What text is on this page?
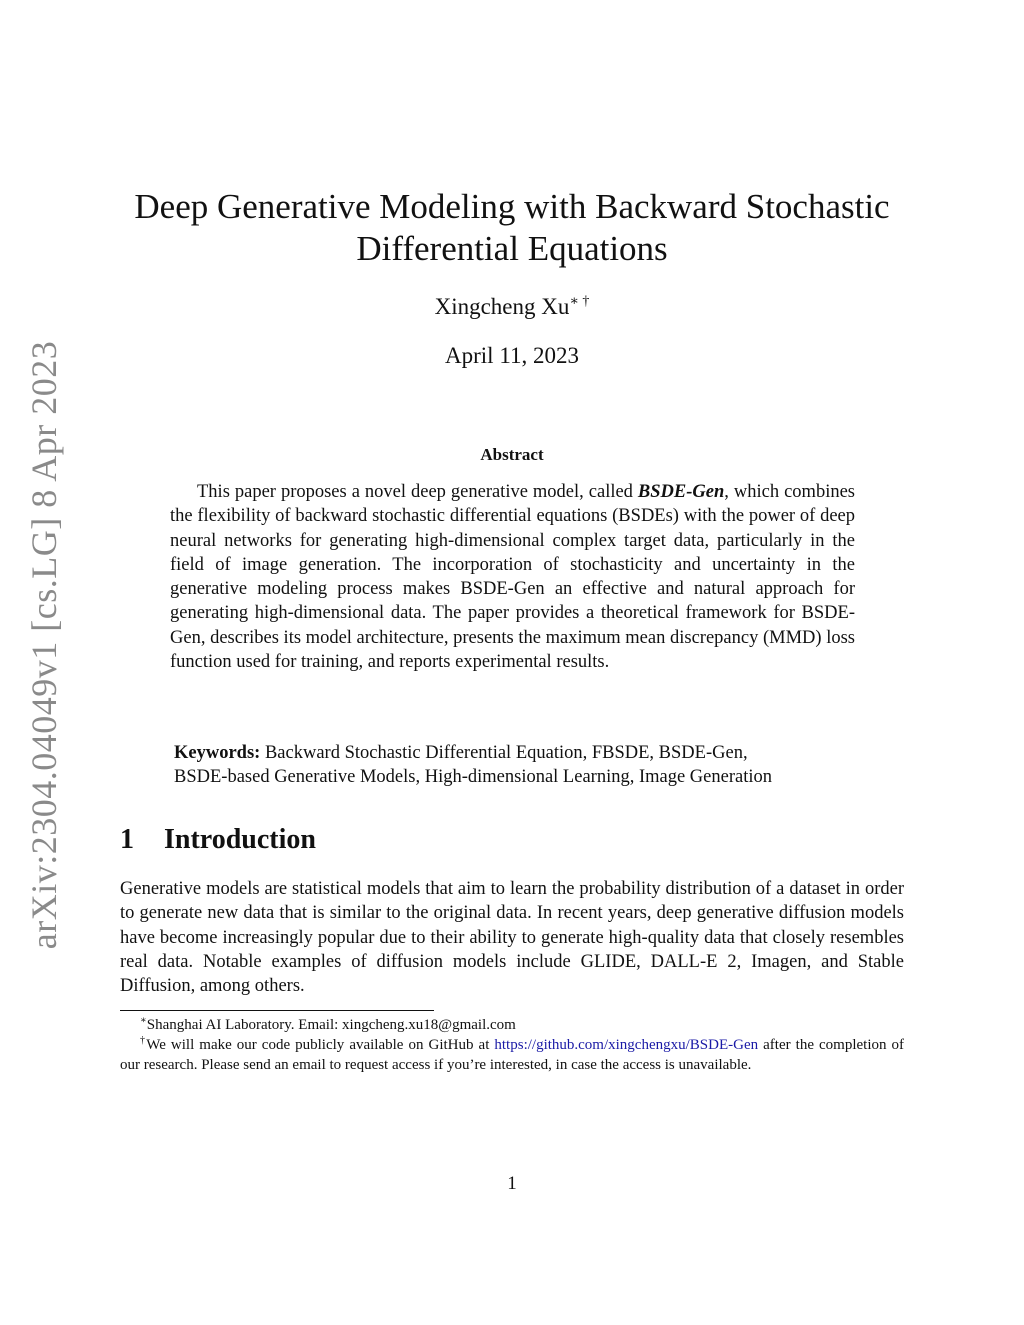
arXiv:2304.04049v1 [cs.LG] 8 Apr 2023
Deep Generative Modeling with Backward Stochastic
Differential Equations
Xingcheng Xu∗ †
April 11, 2023
Abstract

This paper proposes a novel deep generative model, called BSDE-Gen, which combines the flexibility of backward stochastic differential equations (BSDEs) with the power of deep neural networks for generating high-dimensional complex target data, particularly in the field of image generation. The incorporation of stochasticity and uncertainty in the generative modeling process makes BSDE-Gen an effective and natural approach for generating high-dimensional data. The paper provides a theoretical framework for BSDE-Gen, describes its model architecture, presents the maximum mean discrepancy (MMD) loss function used for training, and reports experimental results.

Keywords: Backward Stochastic Differential Equation, FBSDE, BSDE-Gen,
BSDE-based Generative Models, High-dimensional Learning, Image Generation
1 Introduction

Generative models are statistical models that aim to learn the probability distribution of a dataset in order to generate new data that is similar to the original data. In recent years, deep generative diffusion models have become increasingly popular due to their ability to generate high-quality data that closely resembles real data. Notable examples of diffusion models include GLIDE, DALL-E 2, Imagen, and Stable Diffusion, among others.

∗Shanghai AI Laboratory. Email: xingcheng.xu18@gmail.com

†We will make our code publicly available on GitHub at https://github.com/xingchengxu/BSDE-Gen after the completion of our research. Please send an email to request access if you’re interested, in case the access is unavailable.

1
